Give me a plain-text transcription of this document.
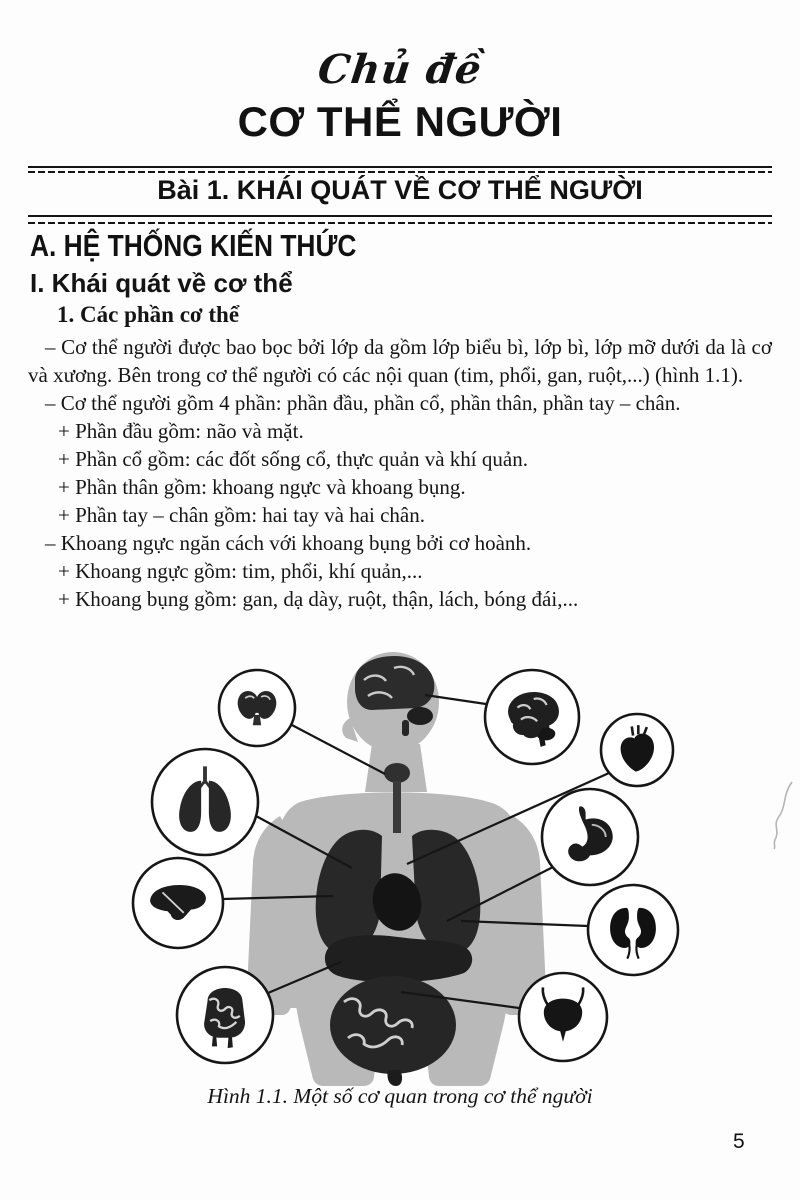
Chủ đề
CƠ THỂ NGƯỜI
Bài 1. KHÁI QUÁT VỀ CƠ THỂ NGƯỜI
A. HỆ THỐNG KIẾN THỨC
I. Khái quát về cơ thể
1. Các phần cơ thể

– Cơ thể người được bao bọc bởi lớp da gồm lớp biểu bì, lớp bì, lớp mỡ dưới da là cơ và xương. Bên trong cơ thể người có các nội quan (tim, phổi, gan, ruột,...) (hình 1.1).

– Cơ thể người gồm 4 phần: phần đầu, phần cổ, phần thân, phần tay – chân.

+ Phần đầu gồm: não và mặt.

+ Phần cổ gồm: các đốt sống cổ, thực quản và khí quản.

+ Phần thân gồm: khoang ngực và khoang bụng.

+ Phần tay – chân gồm: hai tay và hai chân.

– Khoang ngực ngăn cách với khoang bụng bởi cơ hoành.

+ Khoang ngực gồm: tim, phổi, khí quản,...

+ Khoang bụng gồm: gan, dạ dày, ruột, thận, lách, bóng đái,...

Hình 1.1. Một số cơ quan trong cơ thể người
5
